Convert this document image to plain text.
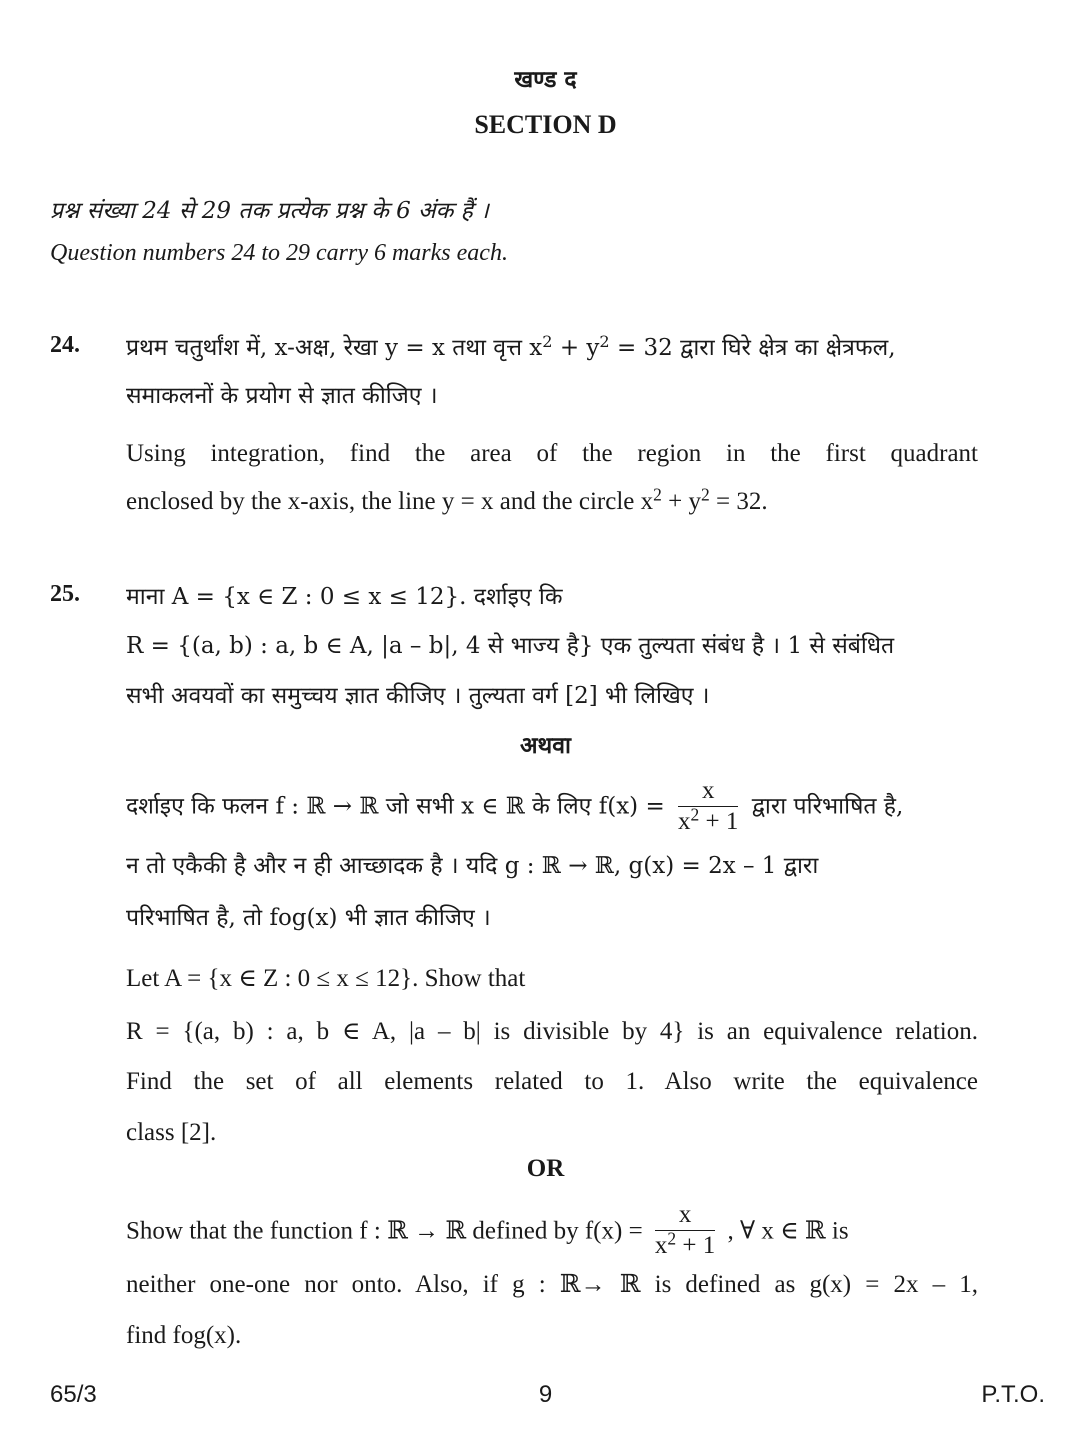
खण्ड द
SECTION D
प्रश्न संख्या 24 से 29 तक प्रत्येक प्रश्न के 6 अंक हैं ।
Question numbers 24 to 29 carry 6 marks each.
24. प्रथम चतुर्थांश में, x-अक्ष, रेखा y = x तथा वृत्त $x^2 + y^2 = 32$ द्वारा घिरे क्षेत्र का क्षेत्रफल,
समाकलनों के प्रयोग से ज्ञात कीजिए ।
Using integration, find the area of the region in the first quadrant
enclosed by the x-axis, the line y = x and the circle $x^2 + y^2 = 32$.
25. माना A = {x ∈ Z : 0 ≤ x ≤ 12}. दर्शाइए कि
R = {(a, b) : a, b ∈ A, |a – b|, 4 से भाज्य है} एक तुल्यता संबंध है । 1 से संबंधित
सभी अवयवों का समुच्चय ज्ञात कीजिए । तुल्यता वर्ग [2] भी लिखिए ।
अथवा
दर्शाइए कि फलन f : ℝ → ℝ जो सभी x ∈ ℝ के लिए $f(x) = \frac{x}{x^2 + 1}$ द्वारा परिभाषित है,
न तो एकैकी है और न ही आच्छादक है । यदि g : ℝ → ℝ, g(x) = 2x – 1 द्वारा
परिभाषित है, तो fog(x) भी ज्ञात कीजिए ।
Let A = {x ∈ Z : 0 ≤ x ≤ 12}. Show that
R = {(a, b) : a, b ∈ A, |a – b| is divisible by 4} is an equivalence relation.
Find the set of all elements related to 1. Also write the equivalence
class [2].
OR
Show that the function f : ℝ → ℝ defined by $f(x) = \frac{x}{x^2 + 1}$ , ∀ x ∈ ℝ is
neither one-one nor onto. Also, if g : ℝ→ ℝ is defined as g(x) = 2x – 1,
find fog(x).
65/3	9	P.T.O.
